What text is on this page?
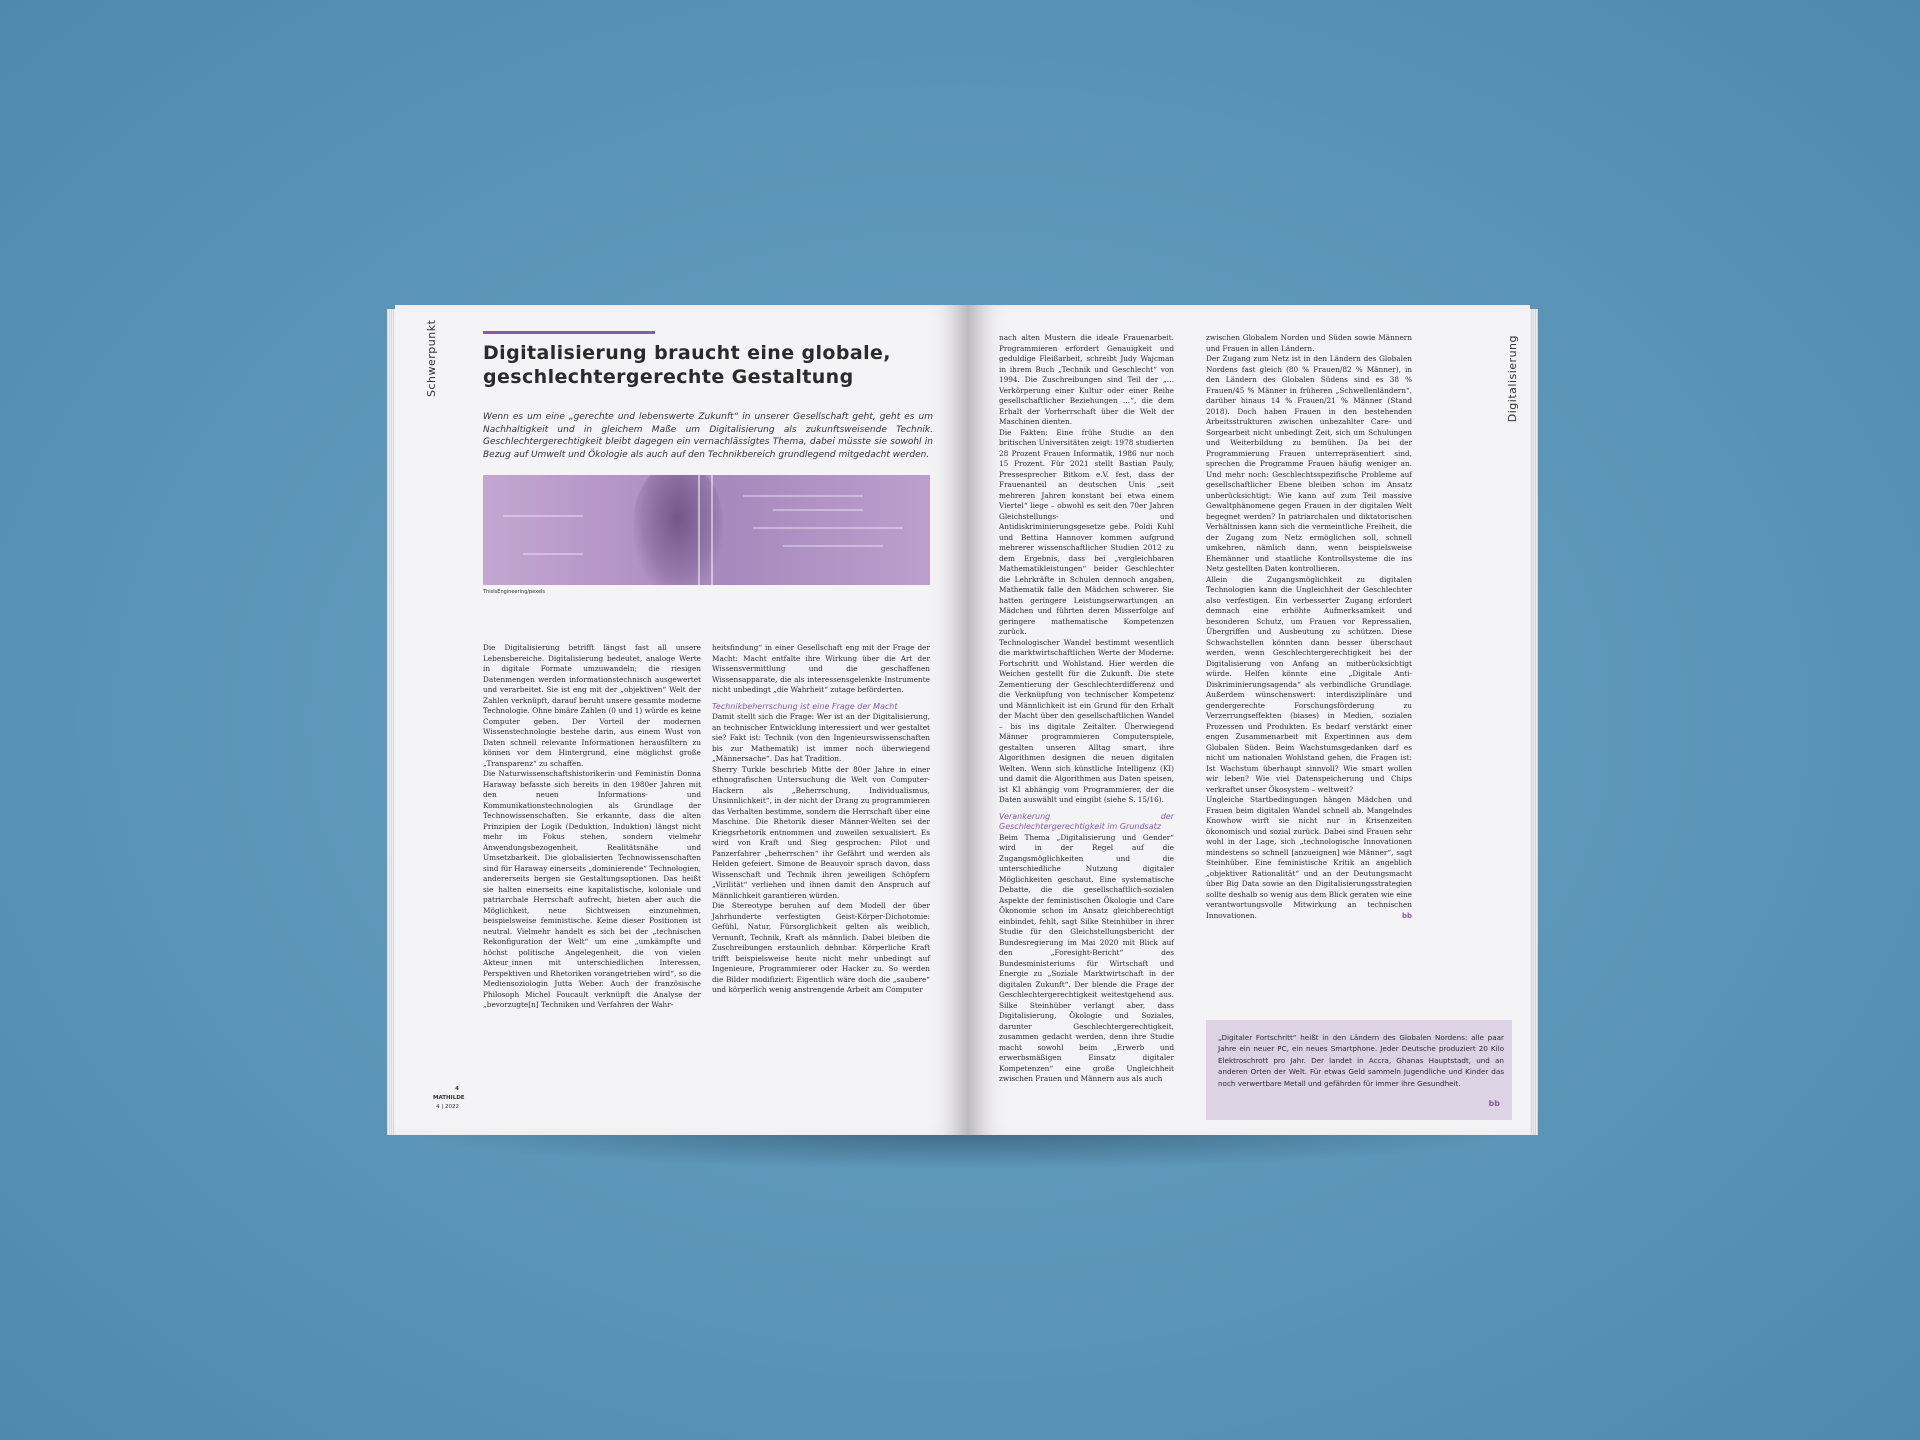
Schwerpunkt Digitalisierung braucht eine globale, geschlechtergerechte Gestaltung
Wenn es um eine „gerechte und lebenswerte Zukunft“ in unserer Gesellschaft geht, geht es um Nachhaltigkeit und in gleichem Maße um Digitalisierung als zukunftsweisende Technik. Geschlechtergerechtigkeit bleibt dagegen ein vernachlässigtes Thema, dabei müsste sie sowohl in Bezug auf Umwelt und Ökologie als auch auf den Technikbereich grundlegend mitgedacht werden.
ThisIsEngineering/pexels

Die Digitalisierung betrifft längst fast all unsere Lebensbereiche. Digitalisierung bedeutet, analoge Werte in digitale Formate umzuwandeln; die riesigen Datenmengen werden informationstechnisch ausgewertet und verarbeitet. Sie ist eng mit der „objektiven“ Welt der Zahlen verknüpft, darauf beruht unsere gesamte moderne Technologie. Ohne binäre Zahlen (0 und 1) würde es keine Computer geben. Der Vorteil der modernen Wissenstechnologie bestehe darin, aus einem Wust von Daten schnell relevante Informationen herausfiltern zu können vor dem Hintergrund, eine möglichst große „Transparenz“ zu schaffen.

Die Naturwissenschaftshistorikerin und Feministin Donna Haraway befasste sich bereits in den 1980er Jahren mit den neuen Informations- und Kommunikationstechnologien als Grundlage der Technowissenschaften. Sie erkannte, dass die alten Prinzipien der Logik (Deduktion, Induktion) längst nicht mehr im Fokus stehen, sondern vielmehr Anwendungsbezogenheit, Realitätsnähe und Umsetzbarkeit. Die globalisierten Technowissenschaften sind für Haraway einerseits „dominierende“ Technologien, andererseits bergen sie Gestaltungsoptionen. Das heißt sie halten einerseits eine kapitalistische, koloniale und patriarchale Herrschaft aufrecht, bieten aber auch die Möglichkeit, neue Sichtweisen einzunehmen, beispielsweise feministische. Keine dieser Positionen ist neutral. Vielmehr handelt es sich bei der „technischen Rekonfiguration der Welt“ um eine „umkämpfte und höchst politische Angelegenheit, die von vielen Akteur_innen mit unterschiedlichen Interessen, Perspektiven und Rhetoriken vorangetrieben wird“, so die Mediensoziologin Jutta Weber. Auch der französische Philosoph Michel Foucault verknüpft die Analyse der „bevorzugte[n] Techniken und Verfahren der Wahr-

heitsfindung“ in einer Gesellschaft eng mit der Frage der Macht: Macht entfalte ihre Wirkung über die Art der Wissensvermittlung und die geschaffenen Wissensapparate, die als interessensgelenkte Instrumente nicht unbedingt „die Wahrheit“ zutage beförderten.

Technikbeherrschung ist eine Frage der Macht

Damit stellt sich die Frage: Wer ist an der Digitalisierung, an technischer Entwicklung interessiert und wer gestaltet sie? Fakt ist: Technik (von den Ingenieurswissenschaften bis zur Mathematik) ist immer noch überwiegend „Männersache“. Das hat Tradition.

Sherry Turkle beschrieb Mitte der 80er Jahre in einer ethnografischen Untersuchung die Welt von Computer-Hackern als „Beherrschung, Individualismus, Unsinnlichkeit“, in der nicht der Drang zu programmieren das Verhalten bestimme, sondern die Herrschaft über eine Maschine. Die Rhetorik dieser Männer-Welten sei der Kriegsrhetorik entnommen und zuweilen sexualisiert. Es wird von Kraft und Sieg gesprochen: Pilot und Panzerfahrer „beherrschen“ ihr Gefährt und werden als Helden gefeiert. Simone de Beauvoir sprach davon, dass Wissenschaft und Technik ihren jeweiligen Schöpfern „Virilität“ verliehen und ihnen damit den Anspruch auf Männlichkeit garantieren würden.

Die Stereotype beruhen auf dem Modell der über Jahrhunderte verfestigten Geist-Körper-Dichotomie: Gefühl, Natur, Fürsorglichkeit gelten als weiblich, Vernunft, Technik, Kraft als männlich. Dabei bleiben die Zuschreibungen erstaunlich dehnbar. Körperliche Kraft trifft beispielsweise heute nicht mehr unbedingt auf Ingenieure, Programmierer oder Hacker zu. So werden die Bilder modifiziert: Eigentlich wäre doch die „saubere“ und körperlich wenig anstrengende Arbeit am Computer

4
MATHILDE
4 | 2022
Digitalisierung

nach alten Mustern die ideale Frauenarbeit. Programmieren erfordert Genauigkeit und geduldige Fleißarbeit, schreibt Judy Wajcman in ihrem Buch „Technik und Geschlecht“ von 1994. Die Zuschreibungen sind Teil der „… Verkörperung einer Kultur oder einer Reihe gesellschaftlicher Beziehungen …“, die dem Erhalt der Vorherrschaft über die Welt der Maschinen dienten.

Die Fakten: Eine frühe Studie an den britischen Universitäten zeigt: 1978 studierten 28 Prozent Frauen Informatik, 1986 nur noch 15 Prozent. Für 2021 stellt Bastian Pauly, Pressesprecher Bitkom e.V. fest, dass der Frauenanteil an deutschen Unis „seit mehreren Jahren konstant bei etwa einem Viertel“ liege – obwohl es seit den 70er Jahren Gleichstellungs- und Antidiskriminierungsgesetze gebe. Poldi Kuhl und Bettina Hannover kommen aufgrund mehrerer wissenschaftlicher Studien 2012 zu dem Ergebnis, dass bei „vergleichbaren Mathematikleistungen“ beider Geschlechter die Lehrkräfte in Schulen dennoch angaben, Mathematik falle den Mädchen schwerer. Sie hatten geringere Leistungserwartungen an Mädchen und führten deren Misserfolge auf geringere mathematische Kompetenzen zurück.

Technologischer Wandel bestimmt wesentlich die marktwirtschaftlichen Werte der Moderne: Fortschritt und Wohlstand. Hier werden die Weichen gestellt für die Zukunft. Die stete Zementierung der Geschlechterdifferenz und die Verknüpfung von technischer Kompetenz und Männlichkeit ist ein Grund für den Erhalt der Macht über den gesellschaftlichen Wandel – bis ins digitale Zeitalter. Überwiegend Männer programmieren Computerspiele, gestalten unseren Alltag smart, ihre Algorithmen designen die neuen digitalen Welten. Wenn sich künstliche Intelligenz (KI) und damit die Algorithmen aus Daten speisen, ist KI abhängig vom Programmierer, der die Daten auswählt und eingibt (siehe S. 15/16).

Verankerung der Geschlechtergerechtigkeit im Grundsatz

Beim Thema „Digitalisierung und Gender“ wird in der Regel auf die Zugangsmöglichkeiten und die unterschiedliche Nutzung digitaler Möglichkeiten geschaut. Eine systematische Debatte, die die gesellschaftlich-sozialen Aspekte der feministischen Ökologie und Care Ökonomie schon im Ansatz gleichberechtigt einbindet, fehlt, sagt Silke Steinhüber in ihrer Studie für den Gleichstellungsbericht der Bundesregierung im Mai 2020 mit Blick auf den „Foresight-Bericht“ des Bundesministeriums für Wirtschaft und Energie zu „Soziale Marktwirtschaft in der digitalen Zukunft“. Der blende die Frage der Geschlechtergerechtigkeit weitestgehend aus. Silke Steinhüber verlangt aber, dass Digitalisierung, Ökologie und Soziales, darunter Geschlechtergerechtigkeit, zusammen gedacht werden, denn ihre Studie macht sowohl beim „Erwerb und erwerbsmäßigen Einsatz digitaler Kompetenzen“ eine große Ungleichheit zwischen Frauen und Männern aus als auch

zwischen Globalem Norden und Süden sowie Männern und Frauen in allen Ländern.

Der Zugang zum Netz ist in den Ländern des Globalen Nordens fast gleich (80 % Frauen/82 % Männer), in den Ländern des Globalen Südens sind es 38 % Frauen/45 % Männer in früheren „Schwellenländern“, darüber hinaus 14 % Frauen/21 % Männer (Stand 2018). Doch haben Frauen in den bestehenden Arbeitsstrukturen zwischen unbezahlter Care- und Sorgearbeit nicht unbedingt Zeit, sich um Schulungen und Weiterbildung zu bemühen. Da bei der Programmierung Frauen unterrepräsentiert sind, sprechen die Programme Frauen häufig weniger an. Und mehr noch: Geschlechtsspezifische Probleme auf gesellschaftlicher Ebene bleiben schon im Ansatz unberücksichtigt: Wie kann auf zum Teil massive Gewaltphänomene gegen Frauen in der digitalen Welt begegnet werden? In patriarchalen und diktatorischen Verhältnissen kann sich die vermeintliche Freiheit, die der Zugang zum Netz ermöglichen soll, schnell umkehren, nämlich dann, wenn beispielsweise Ehemänner und staatliche Kontrollsysteme die ins Netz gestellten Daten kontrollieren.

Allein die Zugangsmöglichkeit zu digitalen Technologien kann die Ungleichheit der Geschlechter also verfestigen. Ein verbesserter Zugang erfordert demnach eine erhöhte Aufmerksamkeit und besonderen Schutz, um Frauen vor Repressalien, Übergriffen und Ausbeutung zu schützen. Diese Schwachstellen könnten dann besser überschaut werden, wenn Geschlechtergerechtigkeit bei der Digitalisierung von Anfang an mitberücksichtigt würde. Helfen könnte eine „Digitale Anti-Diskriminierungsagenda“ als verbindliche Grundlage. Außerdem wünschenswert: interdisziplinäre und gendergerechte Forschungsförderung zu Verzerrungseffekten (biases) in Medien, sozialen Prozessen und Produkten. Es bedarf verstärkt einer engen Zusammenarbeit mit Expertinnen aus dem Globalen Süden. Beim Wachstumsgedanken darf es nicht um nationalen Wohlstand gehen, die Fragen ist: Ist Wachstum überhaupt sinnvoll? Wie smart wollen wir leben? Wie viel Datenspeicherung und Chips verkraftet unser Ökosystem – weltweit?

Ungleiche Startbedingungen hängen Mädchen und Frauen beim digitalen Wandel schnell ab. Mangelndes Knowhow wirft sie nicht nur in Krisenzeiten ökonomisch und sozial zurück. Dabei sind Frauen sehr wohl in der Lage, sich „technologische Innovationen mindestens so schnell [anzueignen] wie Männer“, sagt Steinhüber. Eine feministische Kritik an angeblich „objektiver Rationalität“ und an der Deutungsmacht über Big Data sowie an den Digitalisierungsstrategien sollte deshalb so wenig aus dem Blick geraten wie eine verantwortungsvolle Mitwirkung an technischen Innovationen.	bb

„Digitaler Fortschritt“ heißt in den Ländern des Globalen Nordens: alle paar Jahre ein neuer PC, ein neues Smartphone. Jeder Deutsche produziert 20 Kilo Elektroschrott pro Jahr. Der landet in Accra, Ghanas Hauptstadt, und an anderen Orten der Welt. Für etwas Geld sammeln Jugendliche und Kinder das noch verwertbare Metall und gefährden für immer ihre Gesundheit.
bb
